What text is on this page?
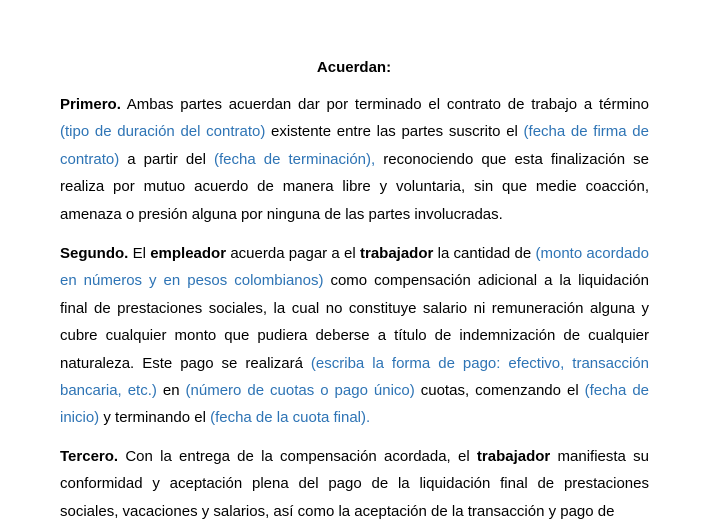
Acuerdan:

Primero. Ambas partes acuerdan dar por terminado el contrato de trabajo a término (tipo de duración del contrato) existente entre las partes suscrito el (fecha de firma de contrato) a partir del (fecha de terminación), reconociendo que esta finalización se realiza por mutuo acuerdo de manera libre y voluntaria, sin que medie coacción, amenaza o presión alguna por ninguna de las partes involucradas.

Segundo. El empleador acuerda pagar a el trabajador la cantidad de (monto acordado en números y en pesos colombianos) como compensación adicional a la liquidación final de prestaciones sociales, la cual no constituye salario ni remuneración alguna y cubre cualquier monto que pudiera deberse a título de indemnización de cualquier naturaleza. Este pago se realizará (escriba la forma de pago: efectivo, transacción bancaria, etc.) en (número de cuotas o pago único) cuotas, comenzando el (fecha de inicio) y terminando el (fecha de la cuota final).

Tercero. Con la entrega de la compensación acordada, el trabajador manifiesta su conformidad y aceptación plena del pago de la liquidación final de prestaciones sociales, vacaciones y salarios, así como la aceptación de la transacción y pago de
